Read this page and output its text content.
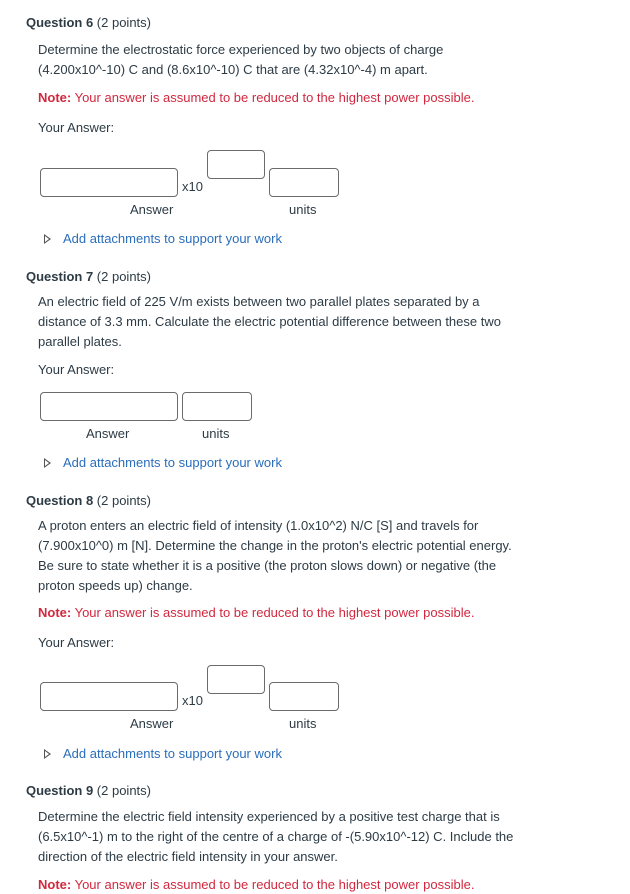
Question 6 (2 points)
Determine the electrostatic force experienced by two objects of charge
(4.200x10^-10) C and (8.6x10^-10) C that are (4.32x10^-4) m apart.
Note: Your answer is assumed to be reduced to the highest power possible.
Your Answer:
x10
Answer	units
Add attachments to support your work
Question 7 (2 points)
An electric field of 225 V/m exists between two parallel plates separated by a
distance of 3.3 mm. Calculate the electric potential difference between these two
parallel plates.
Your Answer:
Answer	units
Add attachments to support your work
Question 8 (2 points)
A proton enters an electric field of intensity (1.0x10^2) N/C [S] and travels for
(7.900x10^0) m [N]. Determine the change in the proton's electric potential energy.
Be sure to state whether it is a positive (the proton slows down) or negative (the
proton speeds up) change.
Note: Your answer is assumed to be reduced to the highest power possible.
Your Answer:
x10
Answer	units
Add attachments to support your work
Question 9 (2 points)
Determine the electric field intensity experienced by a positive test charge that is
(6.5x10^-1) m to the right of the centre of a charge of -(5.90x10^-12) C. Include the
direction of the electric field intensity in your answer.
Note: Your answer is assumed to be reduced to the highest power possible.
